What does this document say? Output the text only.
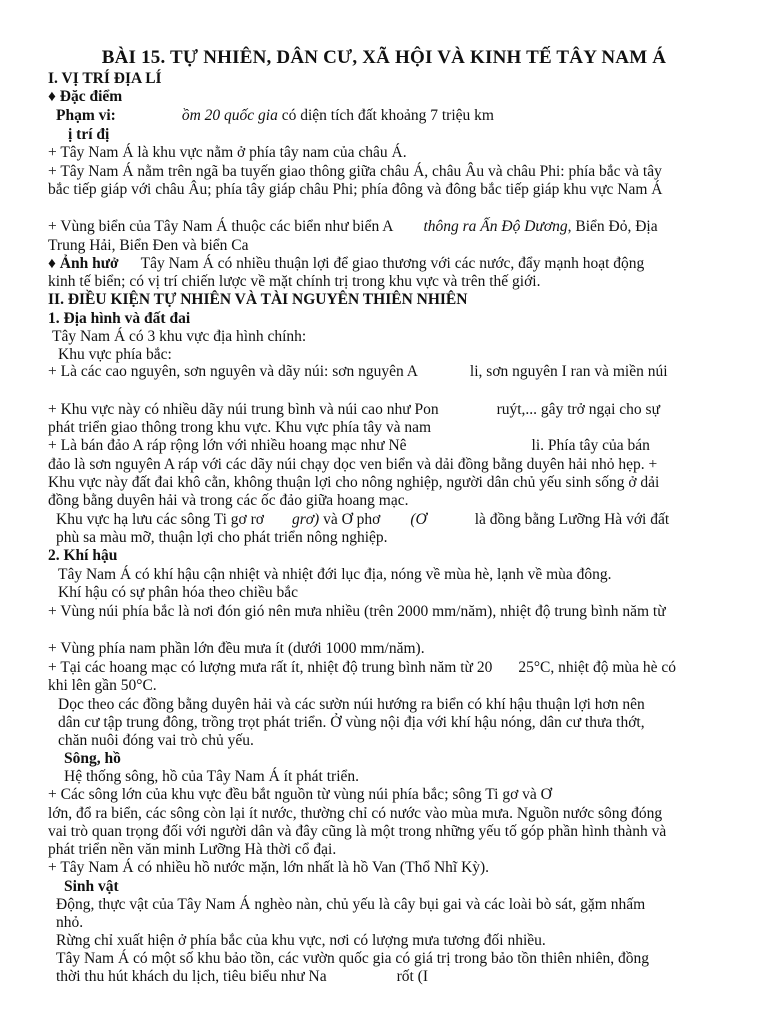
BÀI 15. TỰ NHIÊN, DÂN CƯ, XÃ HỘI VÀ KINH TẾ TÂY NAM Á
I. VỊ TRÍ ĐỊA LÍ
♦ Đặc điểm
Phạm vi:	ồm 20 quốc gia có diện tích đất khoảng 7 triệu km
ị trí đị
+ Tây Nam Á là khu vực nằm ở phía tây nam của châu Á.
+ Tây Nam Á nằm trên ngã ba tuyến giao thông giữa châu Á, châu Âu và châu Phi: phía bắc và tây
bắc tiếp giáp với châu Âu; phía tây giáp châu Phi; phía đông và đông bắc tiếp giáp khu vực Nam Á
+ Vùng biển của Tây Nam Á thuộc các biển như biển A thông ra Ấn Độ Dương, Biển Đỏ, Địa
Trung Hải, Biển Đen và biển Ca
♦ Ảnh hưở Tây Nam Á có nhiều thuận lợi để giao thương với các nước, đẩy mạnh hoạt động
kinh tế biển; có vị trí chiến lược về mặt chính trị trong khu vực và trên thế giới.
II. ĐIỀU KIỆN TỰ NHIÊN VÀ TÀI NGUYÊN THIÊN NHIÊN
1. Địa hình và đất đai
Tây Nam Á có 3 khu vực địa hình chính:
Khu vực phía bắc:
+ Là các cao nguyên, sơn nguyên và dãy núi: sơn nguyên A	li, sơn nguyên I ran và miền núi
+ Khu vực này có nhiều dãy núi trung bình và núi cao như Pon	ruýt,... gây trở ngại cho sự
phát triển giao thông trong khu vực. Khu vực phía tây và nam
+ Là bán đảo A ráp rộng lớn với nhiều hoang mạc như Nê	li. Phía tây của bán
đảo là sơn nguyên A ráp với các dãy núi chạy dọc ven biển và dải đồng bằng duyên hải nhỏ hẹp. +
Khu vực này đất đai khô cằn, không thuận lợi cho nông nghiệp, người dân chủ yếu sinh sống ở dải
đồng bằng duyên hải và trong các ốc đảo giữa hoang mạc.
Khu vực hạ lưu các sông Ti gơ rơ grơ) và Ơ phơ (Ơ	là đồng bằng Lưỡng Hà với đất
phù sa màu mỡ, thuận lợi cho phát triển nông nghiệp.
2. Khí hậu
Tây Nam Á có khí hậu cận nhiệt và nhiệt đới lục địa, nóng về mùa hè, lạnh về mùa đông.
Khí hậu có sự phân hóa theo chiều bắc
+ Vùng núi phía bắc là nơi đón gió nên mưa nhiều (trên 2000 mm/năm), nhiệt độ trung bình năm từ
+ Vùng phía nam phần lớn đều mưa ít (dưới 1000 mm/năm).
+ Tại các hoang mạc có lượng mưa rất ít, nhiệt độ trung bình năm từ 20 25°C, nhiệt độ mùa hè có
khi lên gần 50°C.
Dọc theo các đồng bằng duyên hải và các sườn núi hướng ra biển có khí hậu thuận lợi hơn nên
dân cư tập trung đông, trồng trọt phát triển. Ở vùng nội địa với khí hậu nóng, dân cư thưa thớt,
chăn nuôi đóng vai trò chủ yếu.
Sông, hồ
Hệ thống sông, hồ của Tây Nam Á ít phát triển.
+ Các sông lớn của khu vực đều bắt nguồn từ vùng núi phía bắc; sông Ti gơ và Ơ
lớn, đổ ra biển, các sông còn lại ít nước, thường chỉ có nước vào mùa mưa. Nguồn nước sông đóng
vai trò quan trọng đối với người dân và đây cũng là một trong những yếu tố góp phần hình thành và
phát triển nền văn minh Lưỡng Hà thời cổ đại.
+ Tây Nam Á có nhiều hồ nước mặn, lớn nhất là hồ Van (Thổ Nhĩ Kỳ).
Sinh vật
Động, thực vật của Tây Nam Á nghèo nàn, chủ yếu là cây bụi gai và các loài bò sát, gặm nhấm
nhỏ.
Rừng chỉ xuất hiện ở phía bắc của khu vực, nơi có lượng mưa tương đối nhiều.
Tây Nam Á có một số khu bảo tồn, các vườn quốc gia có giá trị trong bảo tồn thiên nhiên, đồng
thời thu hút khách du lịch, tiêu biểu như Na	rốt (I
